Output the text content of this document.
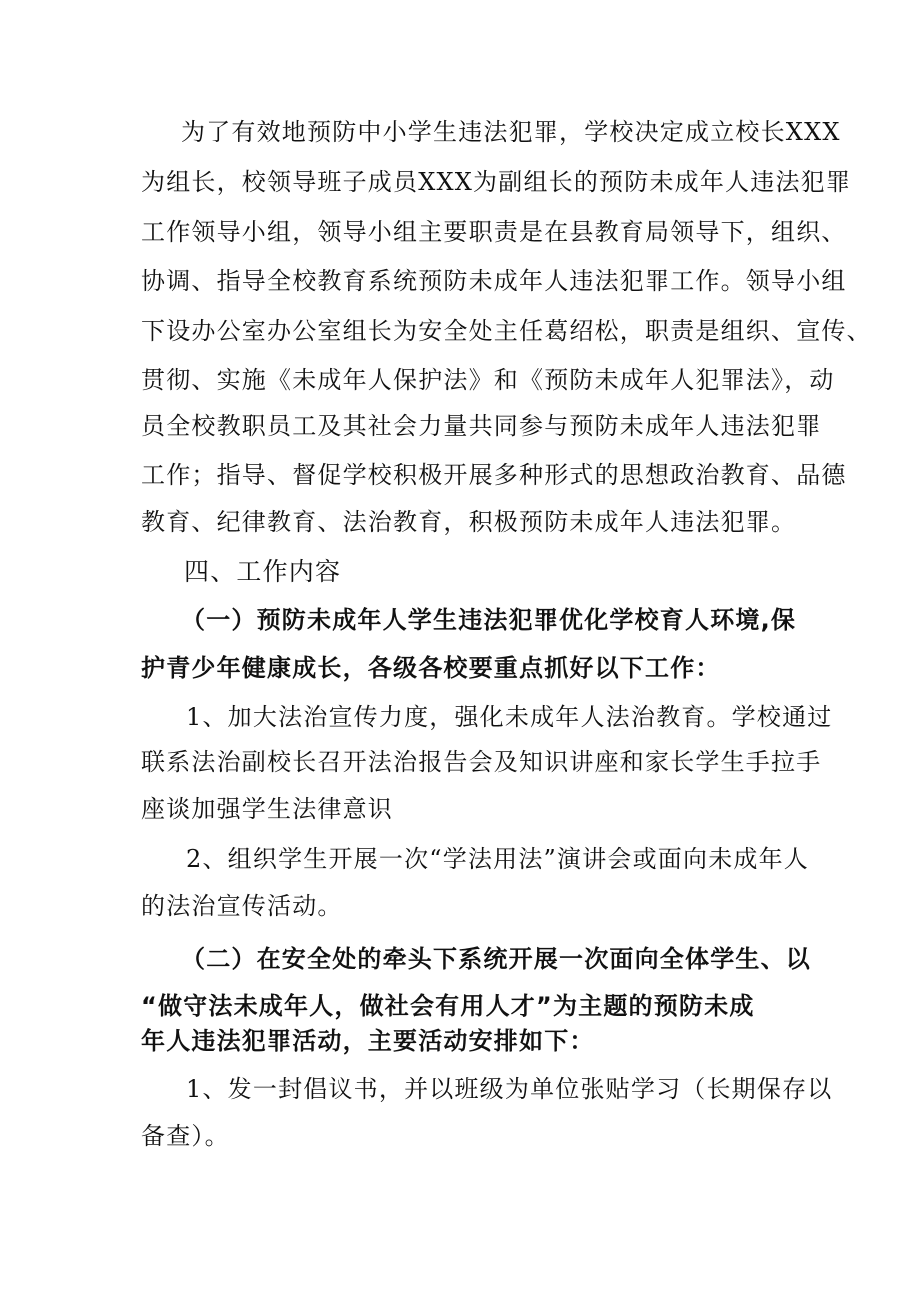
为了有效地预防中小学生违法犯罪，学校决定成立校长XXX
为组长，校领导班子成员XXX为副组长的预防未成年人违法犯罪
工作领导小组，领导小组主要职责是在县教育局领导下，组织、
协调、指导全校教育系统预防未成年人违法犯罪工作。领导小组
下设办公室办公室组长为安全处主任葛绍松，职责是组织、宣传、
贯彻、实施《未成年人保护法》和《预防未成年人犯罪法》，动
员全校教职员工及其社会力量共同参与预防未成年人违法犯罪
工作；指导、督促学校积极开展多种形式的思想政治教育、品德
教育、纪律教育、法治教育，积极预防未成年人违法犯罪。
四、工作内容
（一）预防未成年人学生违法犯罪优化学校育人环境,保
护青少年健康成长，各级各校要重点抓好以下工作：
1、加大法治宣传力度，强化未成年人法治教育。学校通过
联系法治副校长召开法治报告会及知识讲座和家长学生手拉手
座谈加强学生法律意识
2、组织学生开展一次“学法用法”演讲会或面向未成年人
的法治宣传活动。
（二）在安全处的牵头下系统开展一次面向全体学生、以
“做守法未成年人，做社会有用人才”为主题的预防未成
年人违法犯罪活动，主要活动安排如下：
1、发一封倡议书，并以班级为单位张贴学习（长期保存以
备查）。
